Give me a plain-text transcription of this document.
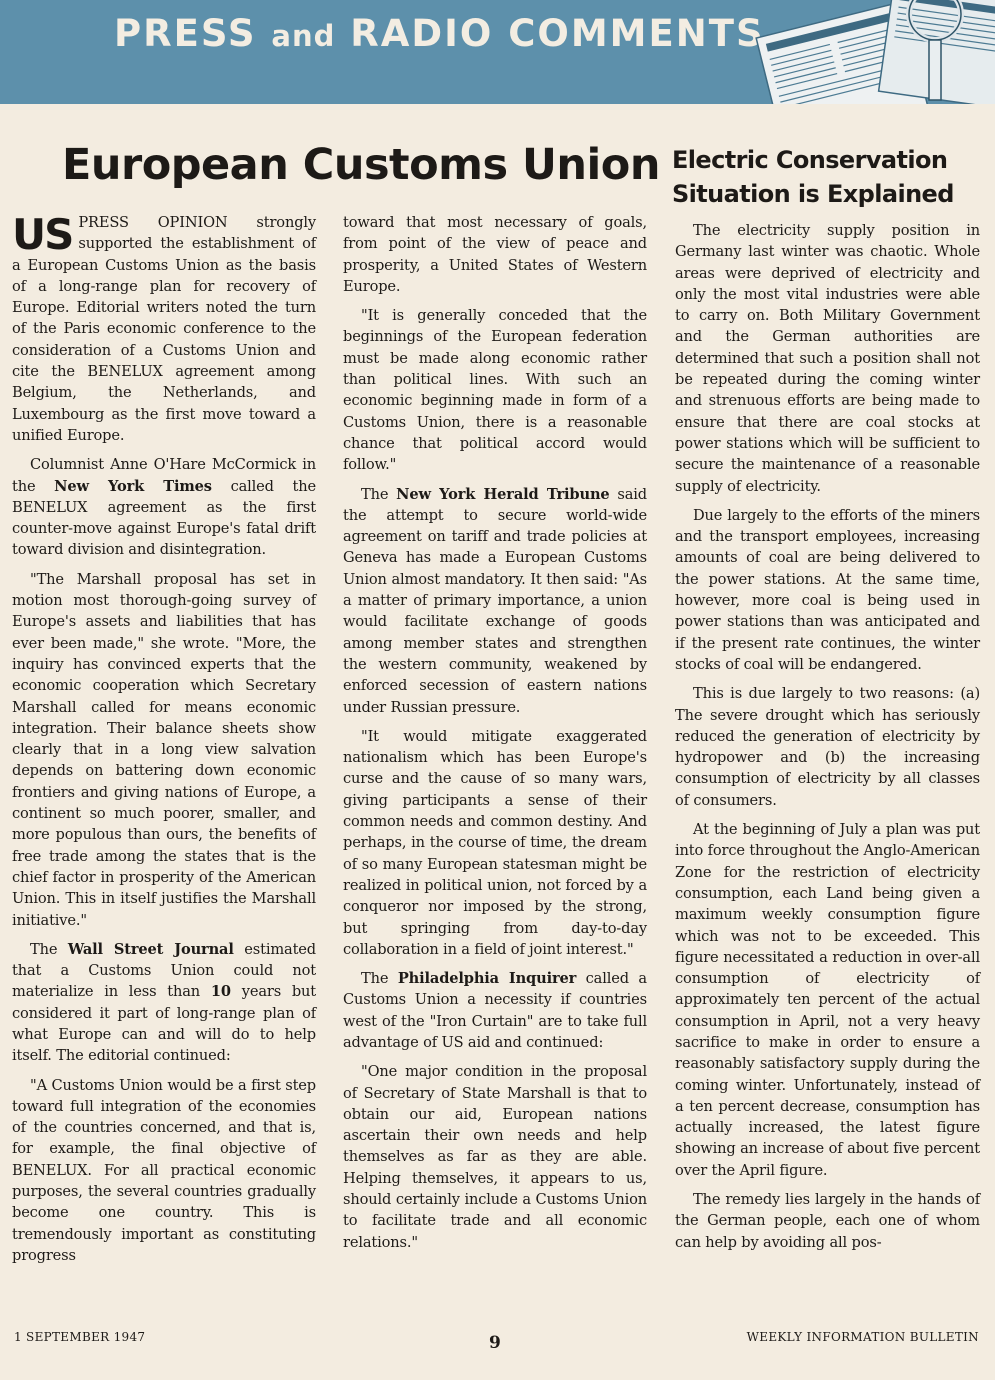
PRESS and RADIO COMMENTS
European Customs Union Electric Conservation Situation is Explained

US PRESS OPINION strongly supported the establishment of a European Customs Union as the basis of a long-range plan for recovery of Europe. Editorial writers noted the turn of the Paris economic conference to the consideration of a Customs Union and cite the BENELUX agreement among Belgium, the Netherlands, and Luxembourg as the first move toward a unified Europe.

Columnist Anne O'Hare McCormick in the New York Times called the BENELUX agreement as the first counter-move against Europe's fatal drift toward division and disintegration.

"The Marshall proposal has set in motion most thorough-going survey of Europe's assets and liabilities that has ever been made," she wrote. "More, the inquiry has convinced experts that the economic cooperation which Secretary Marshall called for means economic integration. Their balance sheets show clearly that in a long view salvation depends on battering down economic frontiers and giving nations of Europe, a continent so much poorer, smaller, and more populous than ours, the benefits of free trade among the states that is the chief factor in prosperity of the American Union. This in itself justifies the Marshall initiative."

The Wall Street Journal estimated that a Customs Union could not materialize in less than 10 years but considered it part of long-range plan of what Europe can and will do to help itself. The editorial continued:

"A Customs Union would be a first step toward full integration of the economies of the countries concerned, and that is, for example, the final objective of BENELUX. For all practical economic purposes, the several countries gradually become one country. This is tremendously important as constituting progress

toward that most necessary of goals, from point of the view of peace and prosperity, a United States of Western Europe.

"It is generally conceded that the beginnings of the European federation must be made along economic rather than political lines. With such an economic beginning made in form of a Customs Union, there is a reasonable chance that political accord would follow."

The New York Herald Tribune said the attempt to secure world-wide agreement on tariff and trade policies at Geneva has made a European Customs Union almost mandatory. It then said: "As a matter of primary importance, a union would facilitate exchange of goods among member states and strengthen the western community, weakened by enforced secession of eastern nations under Russian pressure.

"It would mitigate exaggerated nationalism which has been Europe's curse and the cause of so many wars, giving participants a sense of their common needs and common destiny. And perhaps, in the course of time, the dream of so many European statesman might be realized in political union, not forced by a conqueror nor imposed by the strong, but springing from day-to-day collaboration in a field of joint interest."

The Philadelphia Inquirer called a Customs Union a necessity if countries west of the "Iron Curtain" are to take full advantage of US aid and continued:

"One major condition in the proposal of Secretary of State Marshall is that to obtain our aid, European nations ascertain their own needs and help themselves as far as they are able. Helping themselves, it appears to us, should certainly include a Customs Union to facilitate trade and all economic relations."

The electricity supply position in Germany last winter was chaotic. Whole areas were deprived of electricity and only the most vital industries were able to carry on. Both Military Government and the German authorities are determined that such a position shall not be repeated during the coming winter and strenuous efforts are being made to ensure that there are coal stocks at power stations which will be sufficient to secure the maintenance of a reasonable supply of electricity.

Due largely to the efforts of the miners and the transport employees, increasing amounts of coal are being delivered to the power stations. At the same time, however, more coal is being used in power stations than was anticipated and if the present rate continues, the winter stocks of coal will be endangered.

This is due largely to two reasons: (a) The severe drought which has seriously reduced the generation of electricity by hydropower and (b) the increasing consumption of electricity by all classes of consumers.

At the beginning of July a plan was put into force throughout the Anglo-American Zone for the restriction of electricity consumption, each Land being given a maximum weekly consumption figure which was not to be exceeded. This figure necessitated a reduction in over-all consumption of electricity of approximately ten percent of the actual consumption in April, not a very heavy sacrifice to make in order to ensure a reasonably satisfactory supply during the coming winter. Unfortunately, instead of a ten percent decrease, consumption has actually increased, the latest figure showing an increase of about five percent over the April figure.

The remedy lies largely in the hands of the German people, each one of whom can help by avoiding all pos-

1 SEPTEMBER 1947	9	WEEKLY INFORMATION BULLETIN
